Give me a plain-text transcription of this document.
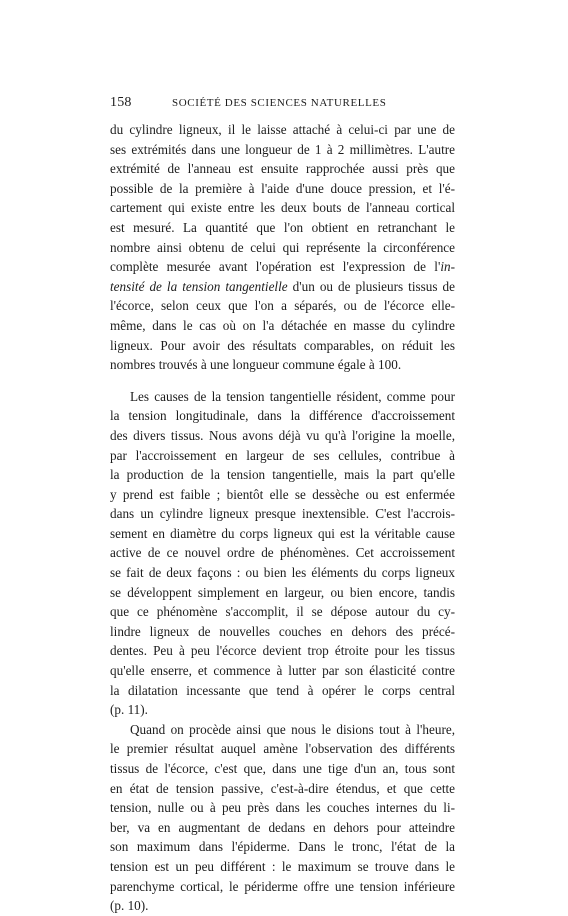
158	SOCIÉTÉ DES SCIENCES NATURELLES
du cylindre ligneux, il le laisse attaché à celui-ci par une de
ses extrémités dans une longueur de 1 à 2 millimètres. L'autre
extrémité de l'anneau est ensuite rapprochée aussi près que
possible de la première à l'aide d'une douce pression, et l'é-
cartement qui existe entre les deux bouts de l'anneau cortical
est mesuré. La quantité que l'on obtient en retranchant le
nombre ainsi obtenu de celui qui représente la circonférence
complète mesurée avant l'opération est l'expression de l'in-
tensité de la tension tangentielle d'un ou de plusieurs tissus de
l'écorce, selon ceux que l'on a séparés, ou de l'écorce elle-
même, dans le cas où on l'a détachée en masse du cylindre
ligneux. Pour avoir des résultats comparables, on réduit les
nombres trouvés à une longueur commune égale à 100.
Les causes de la tension tangentielle résident, comme pour
la tension longitudinale, dans la différence d'accroissement
des divers tissus. Nous avons déjà vu qu'à l'origine la moelle,
par l'accroissement en largeur de ses cellules, contribue à
la production de la tension tangentielle, mais la part qu'elle
y prend est faible ; bientôt elle se dessèche ou est enfermée
dans un cylindre ligneux presque inextensible. C'est l'accrois-
sement en diamètre du corps ligneux qui est la véritable cause
active de ce nouvel ordre de phénomènes. Cet accroissement
se fait de deux façons : ou bien les éléments du corps ligneux
se développent simplement en largeur, ou bien encore, tandis
que ce phénomène s'accomplit, il se dépose autour du cy-
lindre ligneux de nouvelles couches en dehors des précé-
dentes. Peu à peu l'écorce devient trop étroite pour les tissus
qu'elle enserre, et commence à lutter par son élasticité contre
la dilatation incessante que tend à opérer le corps central
(p. 11).
Quand on procède ainsi que nous le disions tout à l'heure,
le premier résultat auquel amène l'observation des différents
tissus de l'écorce, c'est que, dans une tige d'un an, tous sont
en état de tension passive, c'est-à-dire étendus, et que cette
tension, nulle ou à peu près dans les couches internes du li-
ber, va en augmentant de dedans en dehors pour atteindre
son maximum dans l'épiderme. Dans le tronc, l'état de la
tension est un peu différent : le maximum se trouve dans le
parenchyme cortical, le périderme offre une tension inférieure
(p. 10).
